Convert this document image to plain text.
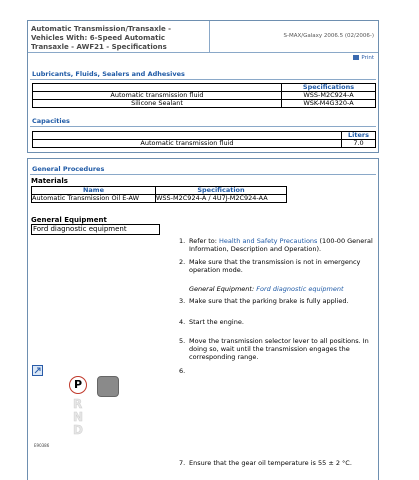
Automatic Transmission/Transaxle -
Vehicles With: 6-Speed Automatic
Transaxle - AWF21 - Specifications
S-MAX/Galaxy 2006.5 (02/2006-)
Print
Lubricants, Fluids, Sealers and Adhesives
	Specifications
Automatic transmission fluid	WSS-M2C924-A
Silicone Sealant	WSK-M4G320-A
Capacities
	Liters
Automatic transmission fluid	7.0
General Procedures
Materials
Name	Specification
Automatic Transmission Oil E-AW	WSS-M2C924-A / 4U7J-M2C924-AA
General Equipment
Ford diagnostic equipment
1. Refer to: Health and Safety Precautions (100-00 General Information, Description and Operation).
2. Make sure that the transmission is not in emergency operation mode.
General Equipment: Ford diagnostic equipment
3. Make sure that the parking brake is fully applied.
4. Start the engine.
5. Move the transmission selector lever to all positions. In doing so, wait until the transmission engages the corresponding range.
6.
P
R
N
D
E90386
7. Ensure that the gear oil temperature is 55 ± 2 °C.
